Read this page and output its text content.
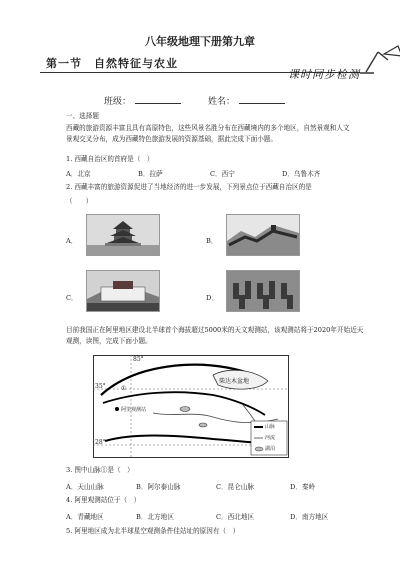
八年级地理下册第九章
第一节　自然特征与农业
课时同步检测
班级：	姓名：

一、选择题

西藏的旅游资源丰富且具有高原特色，这些风景名胜分布在西藏境内的多个地区，自然景观和人文景观交叉分布，成为西藏特色旅游发展的资源基础，据此完成下面小题。

1. 西藏自治区的首府是（　）

A．北京	B．拉萨	C．西宁	D．乌鲁木齐

2. 西藏丰富的旅游资源促进了当地经济的进一步发展，下列景点位于西藏自治区的是

（　　）

A．	B．
C．	D．

目前我国正在阿里地区建设北半球首个海拔超过5000米的天文观测站，该观测站将于2020年开始近天观测，读图，完成下面小题。

85°
35°
28°
①
柴达木盆地
阿里观测站
山脉
河流
湖泊

3. 图中山脉①是（　）

A．天山山脉	B．阿尔泰山脉	C．昆仑山脉	D．秦岭

4. 阿里观测站位于（　）

A．青藏地区	B．北方地区	C．西北地区	D．南方地区

5. 阿里地区成为北半球星空观测条件佳站址的原因有（　）
